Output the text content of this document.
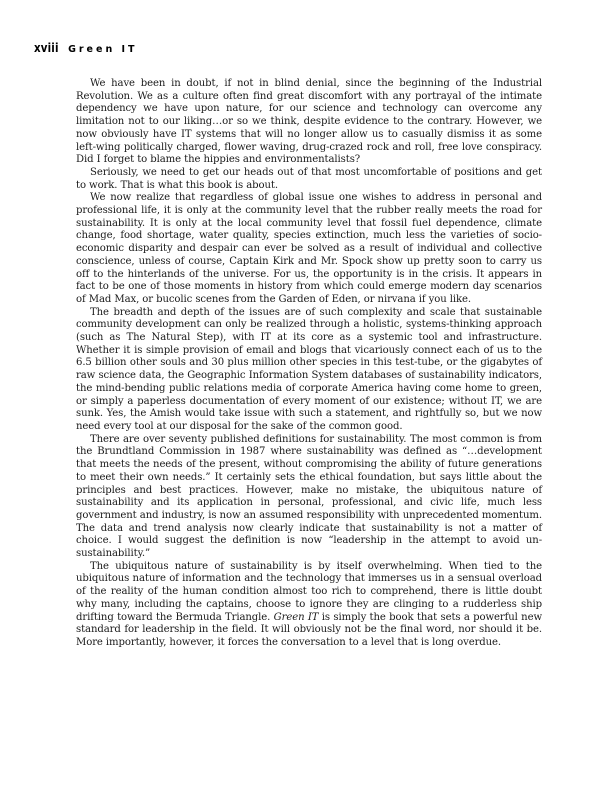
xviii Green IT

We have been in doubt, if not in blind denial, since the beginning of the Industrial Revolution. We as a culture often find great discomfort with any portrayal of the intimate dependency we have upon nature, for our science and technology can overcome any limitation not to our liking…or so we think, despite evidence to the contrary. However, we now obviously have IT systems that will no longer allow us to casually dismiss it as some left-wing politically charged, flower waving, drug-crazed rock and roll, free love conspiracy. Did I forget to blame the hippies and environmentalists?

Seriously, we need to get our heads out of that most uncomfortable of positions and get to work. That is what this book is about.

We now realize that regardless of global issue one wishes to address in personal and professional life, it is only at the community level that the rubber really meets the road for sustainability. It is only at the local community level that fossil fuel dependence, climate change, food shortage, water quality, species extinction, much less the varieties of socio-economic disparity and despair can ever be solved as a result of individual and collective conscience, unless of course, Captain Kirk and Mr. Spock show up pretty soon to carry us off to the hinterlands of the universe. For us, the opportunity is in the crisis. It appears in fact to be one of those moments in history from which could emerge modern day scenarios of Mad Max, or bucolic scenes from the Garden of Eden, or nirvana if you like.

The breadth and depth of the issues are of such complexity and scale that sustainable community development can only be realized through a holistic, systems-thinking approach (such as The Natural Step), with IT at its core as a systemic tool and infrastructure. Whether it is simple provision of email and blogs that vicariously connect each of us to the 6.5 billion other souls and 30 plus million other species in this test-tube, or the gigabytes of raw science data, the Geographic Information System databases of sustainability indicators, the mind-bending public relations media of corporate America having come home to green, or simply a paperless documentation of every moment of our existence; without IT, we are sunk. Yes, the Amish would take issue with such a statement, and rightfully so, but we now need every tool at our disposal for the sake of the common good.

There are over seventy published definitions for sustainability. The most common is from the Brundtland Commission in 1987 where sustainability was defined as “…development that meets the needs of the present, without compromising the ability of future generations to meet their own needs.” It certainly sets the ethical foundation, but says little about the principles and best practices. However, make no mistake, the ubiquitous nature of sustainability and its application in personal, professional, and civic life, much less government and industry, is now an assumed responsibility with unprecedented momentum. The data and trend analysis now clearly indicate that sustainability is not a matter of choice. I would suggest the definition is now “leadership in the attempt to avoid un-sustainability.”

The ubiquitous nature of sustainability is by itself overwhelming. When tied to the ubiquitous nature of information and the technology that immerses us in a sensual overload of the reality of the human condition almost too rich to comprehend, there is little doubt why many, including the captains, choose to ignore they are clinging to a rudderless ship drifting toward the Bermuda Triangle. Green IT is simply the book that sets a powerful new standard for leadership in the field. It will obviously not be the final word, nor should it be. More importantly, however, it forces the conversation to a level that is long overdue.
